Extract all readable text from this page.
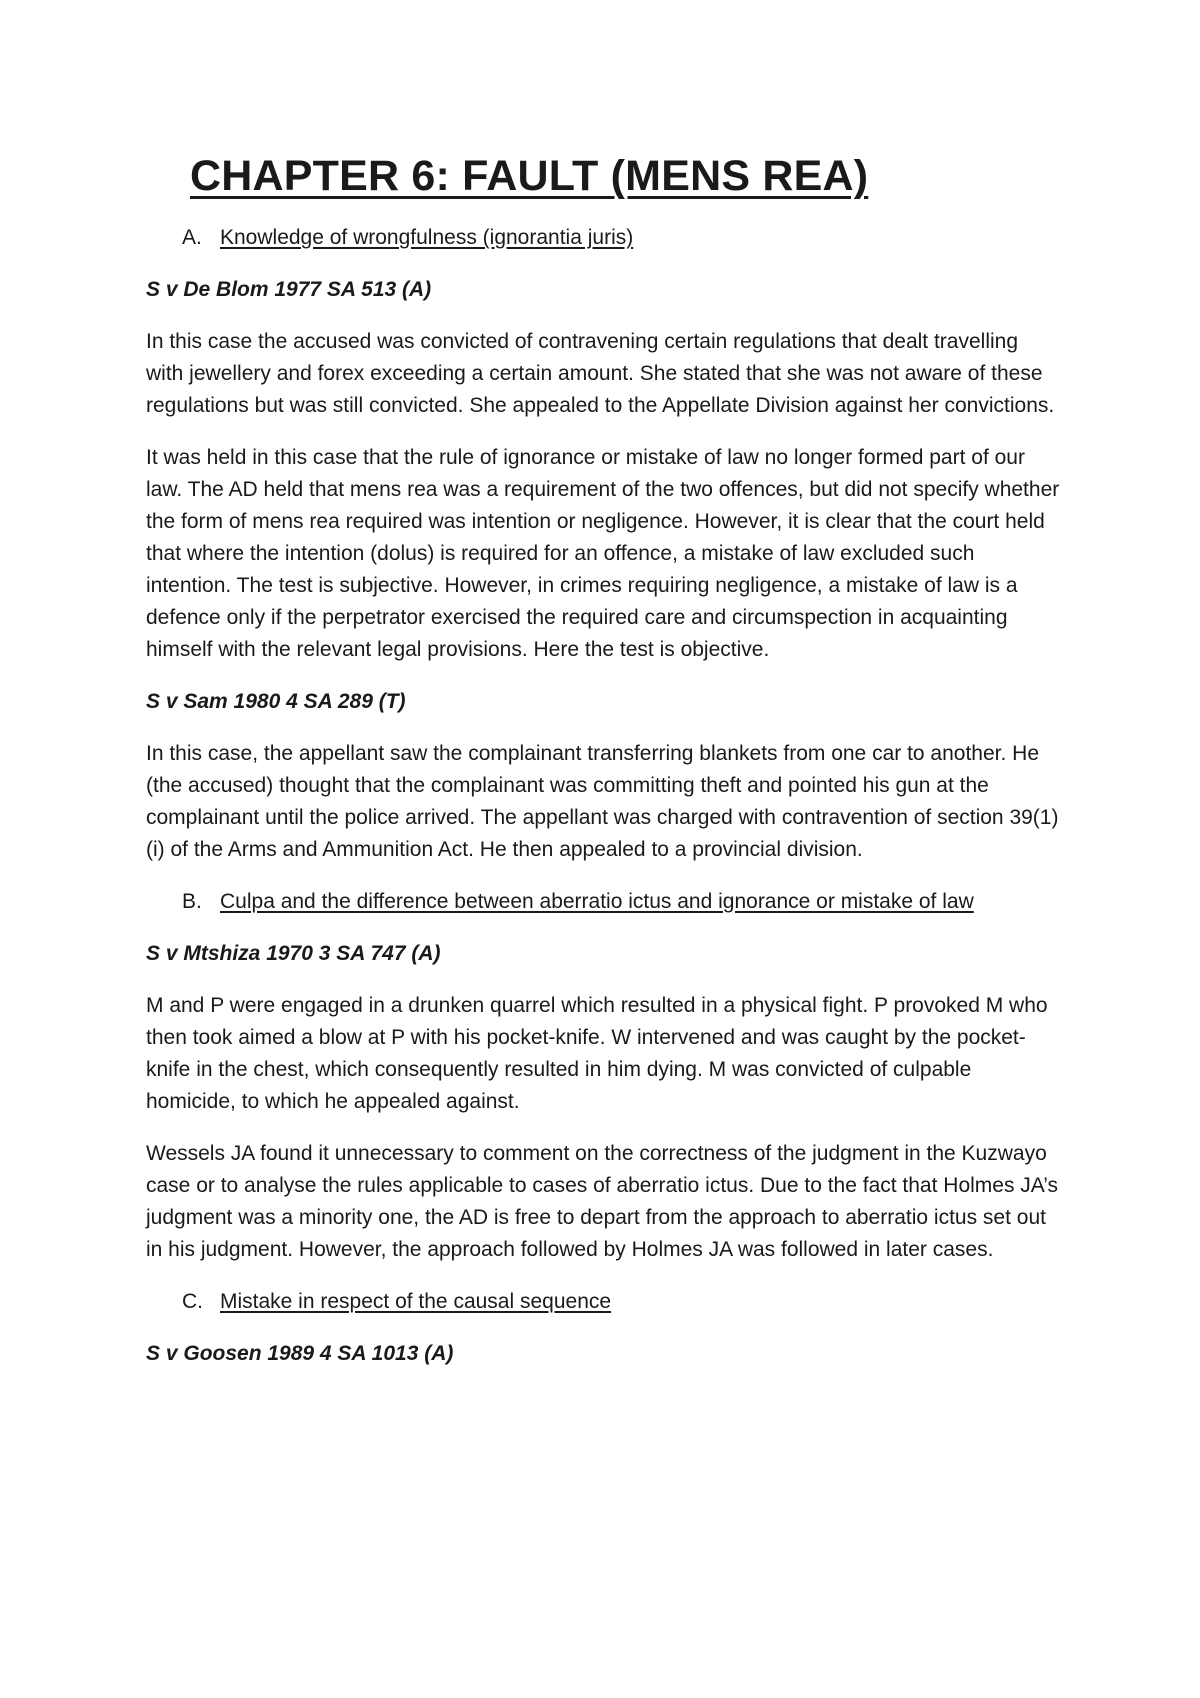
CHAPTER 6: FAULT (MENS REA)
A. Knowledge of wrongfulness (ignorantia juris)
S v De Blom 1977 SA 513 (A)

In this case the accused was convicted of contravening certain regulations that dealt travelling with jewellery and forex exceeding a certain amount. She stated that she was not aware of these regulations but was still convicted. She appealed to the Appellate Division against her convictions.

It was held in this case that the rule of ignorance or mistake of law no longer formed part of our law. The AD held that mens rea was a requirement of the two offences, but did not specify whether the form of mens rea required was intention or negligence. However, it is clear that the court held that where the intention (dolus) is required for an offence, a mistake of law excluded such intention. The test is subjective. However, in crimes requiring negligence, a mistake of law is a defence only if the perpetrator exercised the required care and circumspection in acquainting himself with the relevant legal provisions. Here the test is objective.

S v Sam 1980 4 SA 289 (T)

In this case, the appellant saw the complainant transferring blankets from one car to another. He (the accused) thought that the complainant was committing theft and pointed his gun at the complainant until the police arrived. The appellant was charged with contravention of section 39(1)(i) of the Arms and Ammunition Act. He then appealed to a provincial division.

B. Culpa and the difference between aberratio ictus and ignorance or mistake of law
S v Mtshiza 1970 3 SA 747 (A)

M and P were engaged in a drunken quarrel which resulted in a physical fight. P provoked M who then took aimed a blow at P with his pocket-knife. W intervened and was caught by the pocket-knife in the chest, which consequently resulted in him dying. M was convicted of culpable homicide, to which he appealed against.

Wessels JA found it unnecessary to comment on the correctness of the judgment in the Kuzwayo case or to analyse the rules applicable to cases of aberratio ictus. Due to the fact that Holmes JA’s judgment was a minority one, the AD is free to depart from the approach to aberratio ictus set out in his judgment. However, the approach followed by Holmes JA was followed in later cases.

C. Mistake in respect of the causal sequence
S v Goosen 1989 4 SA 1013 (A)
